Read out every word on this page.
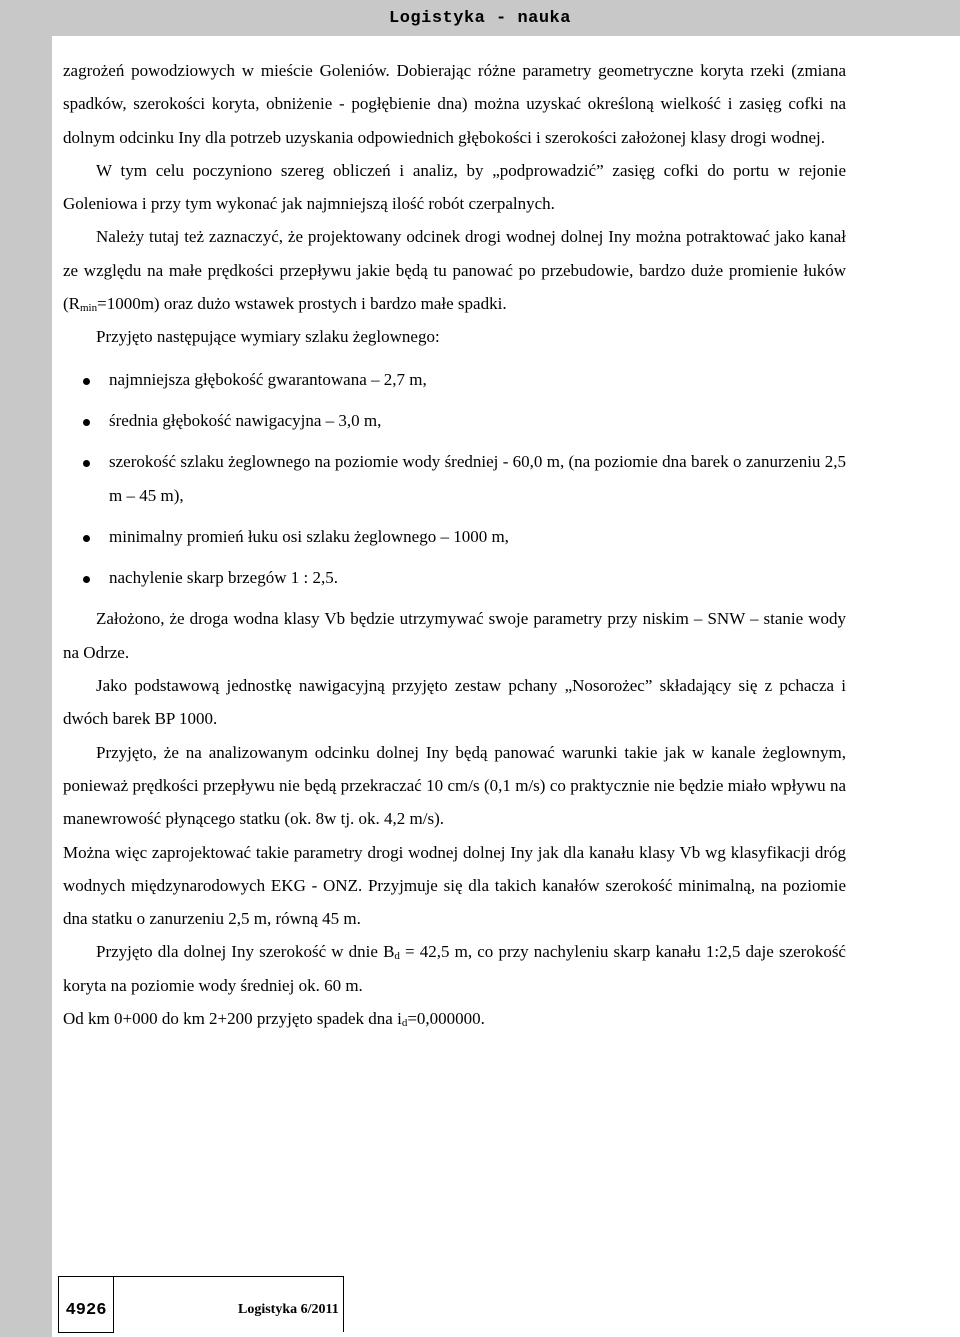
Logistyka - nauka

zagrożeń powodziowych w mieście Goleniów. Dobierając różne parametry geometryczne koryta rzeki (zmiana spadków, szerokości koryta, obniżenie - pogłębienie dna) można uzyskać określoną wielkość i zasięg cofki na dolnym odcinku Iny dla potrzeb uzyskania odpowiednich głębokości i szerokości założonej klasy drogi wodnej.

W tym celu poczyniono szereg obliczeń i analiz, by „podprowadzić” zasięg cofki do portu w rejonie Goleniowa i przy tym wykonać jak najmniejszą ilość robót czerpalnych.

Należy tutaj też zaznaczyć, że projektowany odcinek drogi wodnej dolnej Iny można potraktować jako kanał ze względu na małe prędkości przepływu jakie będą tu panować po przebudowie, bardzo duże promienie łuków $(R_{min}=1000m)$ oraz dużo wstawek prostych i bardzo małe spadki.

Przyjęto następujące wymiary szlaku żeglownego:

najmniejsza głębokość gwarantowana – 2,7 m,
średnia głębokość nawigacyjna – 3,0 m,
szerokość szlaku żeglownego na poziomie wody średniej - 60,0 m, (na poziomie dna barek o zanurzeniu 2,5 m – 45 m),
minimalny promień łuku osi szlaku żeglownego – 1000 m,
nachylenie skarp brzegów 1 : 2,5.

Założono, że droga wodna klasy Vb będzie utrzymywać swoje parametry przy niskim – SNW – stanie wody na Odrze.

Jako podstawową jednostkę nawigacyjną przyjęto zestaw pchany „Nosorożec” składający się z pchacza i dwóch barek BP 1000.

Przyjęto, że na analizowanym odcinku dolnej Iny będą panować warunki takie jak w kanale żeglownym, ponieważ prędkości przepływu nie będą przekraczać 10 cm/s (0,1 m/s) co praktycznie nie będzie miało wpływu na manewrowość płynącego statku (ok. 8w tj. ok. 4,2 m/s).

Można więc zaprojektować takie parametry drogi wodnej dolnej Iny jak dla kanału klasy Vb wg klasyfikacji dróg wodnych międzynarodowych EKG - ONZ. Przyjmuje się dla takich kanałów szerokość minimalną, na poziomie dna statku o zanurzeniu 2,5 m, równą 45 m.

Przyjęto dla dolnej Iny szerokość w dnie $B_d = 42,5$ m, co przy nachyleniu skarp kanału 1:2,5 daje szerokość koryta na poziomie wody średniej ok. 60 m.

Od km 0+000 do km 2+200 przyjęto spadek dna $i_d=0,000000$.

4926	Logistyka 6/2011
